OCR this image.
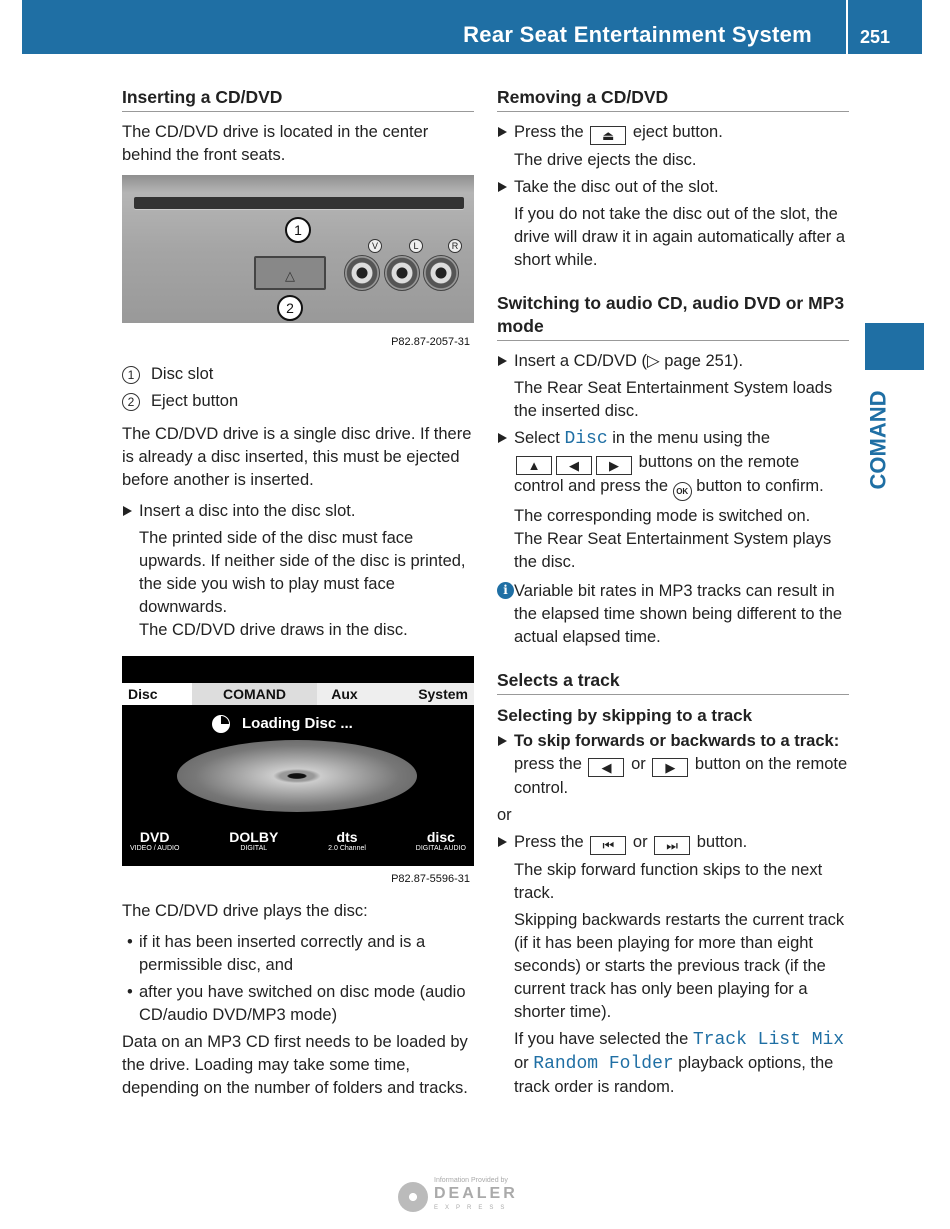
Rear Seat Entertainment System	251
COMAND
Inserting a CD/DVD

The CD/DVD drive is located in the center behind the front seats.

△
V	L	R
1
2
P82.87-2057-31
1	Disc slot
2	Eject button

The CD/DVD drive is a single disc drive. If there is already a disc inserted, this must be ejected before another is inserted.

Insert a disc into the disc slot.
The printed side of the disc must face upwards. If neither side of the disc is printed, the side you wish to play must face downwards.
The CD/DVD drive draws in the disc.
Disc	COMAND	Aux	System
Loading Disc ...
DVD
VIDEO / AUDIO
DOLBY
DIGITAL
dts
2.0 Channel
disc
DIGITAL AUDIO
P82.87-5596-31

The CD/DVD drive plays the disc:

• if it has been inserted correctly and is a permissible disc, and
• after you have switched on disc mode (audio CD/audio DVD/MP3 mode)

Data on an MP3 CD first needs to be loaded by the drive. Loading may take some time, depending on the number of folders and tracks.

Removing a CD/DVD
Press the ⏏ eject button.
The drive ejects the disc.
Take the disc out of the slot.
If you do not take the disc out of the slot, the drive will draw it in again automatically after a short while.
Switching to audio CD, audio DVD or MP3 mode
Insert a CD/DVD (▷ page 251).
The Rear Seat Entertainment System loads the inserted disc.
Select Disc in the menu using the
▲ ◀ ▶ buttons on the remote control and press the OK button to confirm.
The corresponding mode is switched on.
The Rear Seat Entertainment System plays the disc.
i Variable bit rates in MP3 tracks can result in the elapsed time shown being different to the actual elapsed time.
Selects a track
Selecting by skipping to a track
To skip forwards or backwards to a track: press the ◀ or ▶ button on the remote control.
or
Press the ⏮ or ⏭ button.
The skip forward function skips to the next track.
Skipping backwards restarts the current track (if it has been playing for more than eight seconds) or starts the previous track (if the current track has only been playing for a shorter time).
If you have selected the Track List Mix or Random Folder playback options, the track order is random.
Information Provided by
DEALER
EXPRESS
